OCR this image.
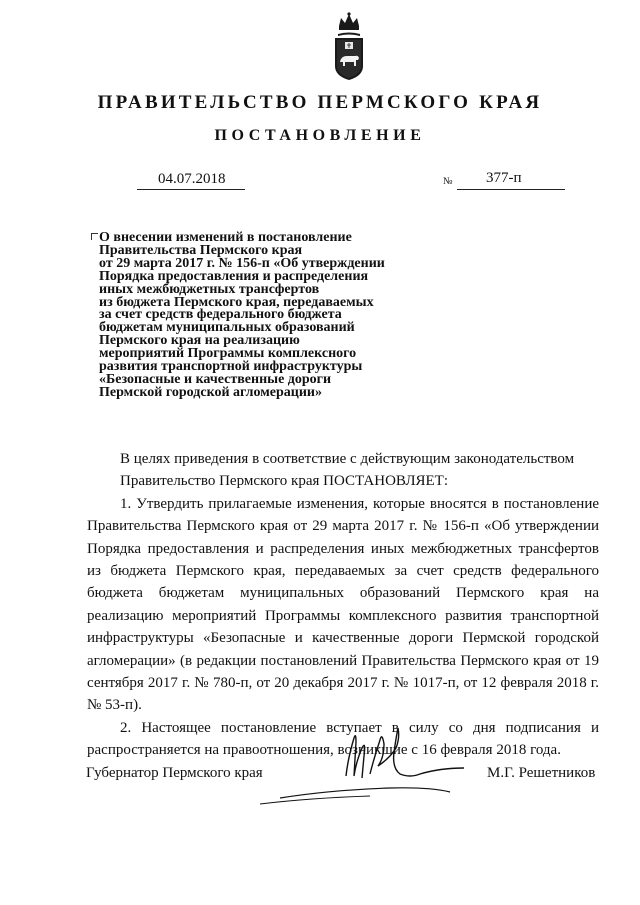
ПРАВИТЕЛЬСТВО ПЕРМСКОГО КРАЯ
ПОСТАНОВЛЕНИЕ
04.07.2018	№ 377-п
О внесении изменений в постановление
Правительства Пермского края
от 29 марта 2017 г. № 156-п «Об утверждении
Порядка предоставления и распределения
иных межбюджетных трансфертов
из бюджета Пермского края, передаваемых
за счет средств федерального бюджета
бюджетам муниципальных образований
Пермского края на реализацию
мероприятий Программы комплексного
развития транспортной инфраструктуры
«Безопасные и качественные дороги
Пермской городской агломерации»

В целях приведения в соответствие с действующим законодательством

Правительство Пермского края ПОСТАНОВЛЯЕТ:

1. Утвердить прилагаемые изменения, которые вносятся в постановление Правительства Пермского края от 29 марта 2017 г. № 156-п «Об утверждении Порядка предоставления и распределения иных межбюджетных трансфертов из бюджета Пермского края, передаваемых за счет средств федерального бюджета бюджетам муниципальных образований Пермского края на реализацию мероприятий Программы комплексного развития транспортной инфраструктуры «Безопасные и качественные дороги Пермской городской агломерации» (в редакции постановлений Правительства Пермского края от 19 сентября 2017 г. № 780-п, от 20 декабря 2017 г. № 1017-п, от 12 февраля 2018 г. № 53-п).

2. Настоящее постановление вступает в силу со дня подписания и распространяется на правоотношения, возникшие с 16 февраля 2018 года.

Губернатор Пермского края	М.Г. Решетников
